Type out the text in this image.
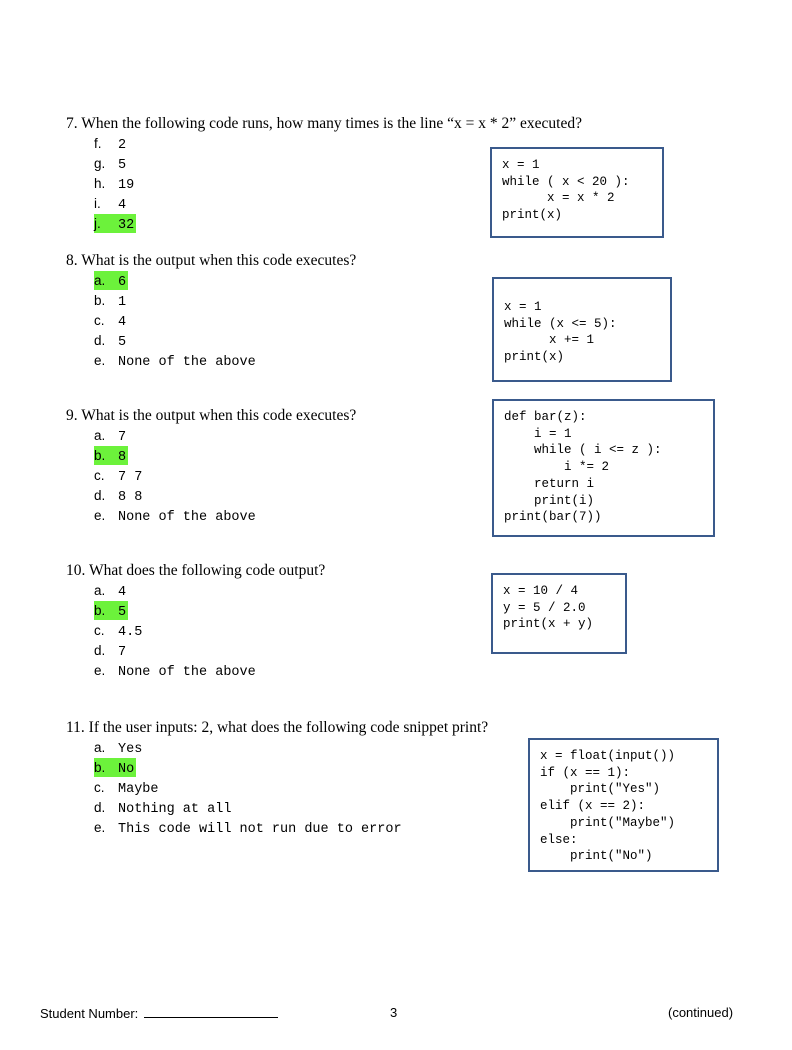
7. When the following code runs, how many times is the line “x = x * 2” executed?
f. 2
g. 5
h. 19
i. 4
j. 32
x = 1
while ( x < 20 ):
x = x * 2
print(x)
8. What is the output when this code executes?
a. 6
b. 1
c. 4
d. 5
e. None of the above
x = 1
while (x <= 5):
x += 1
print(x)
9. What is the output when this code executes?
a. 7
b. 8
c. 7 7
d. 8 8
e. None of the above
def bar(z):
i = 1
while ( i <= z ):
i *= 2
return i
print(i)
print(bar(7))
10. What does the following code output?
a. 4
b. 5
c. 4.5
d. 7
e. None of the above
x = 10 / 4
y = 5 / 2.0
print(x + y)
11. If the user inputs: 2, what does the following code snippet print?
a. Yes
b. No
c. Maybe
d. Nothing at all
e. This code will not run due to error
x = float(input())
if (x == 1):
print("Yes")
elif (x == 2):
print("Maybe")
else:
print("No")
Student Number:	3	(continued)
